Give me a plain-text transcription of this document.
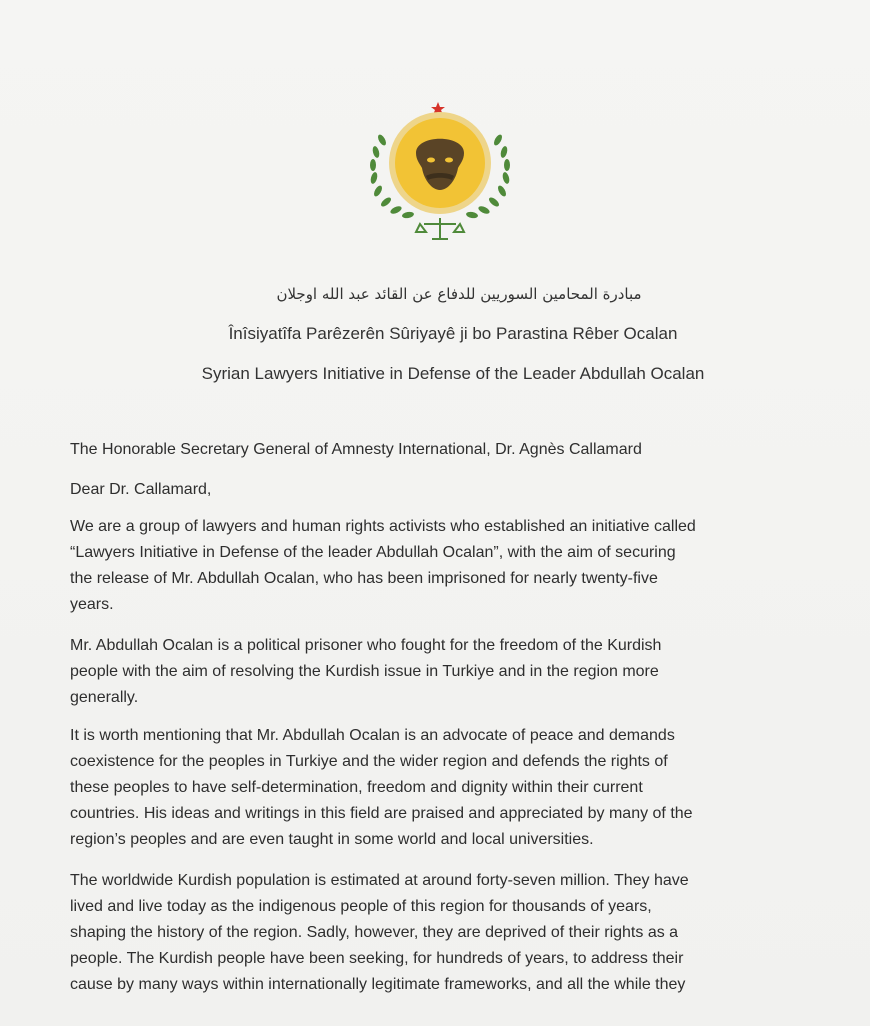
مبادرة المحامين السوريين للدفاع عن القائد عبد الله اوجلان
Înîsiyatîfa Parêzerên Sûriyayê ji bo Parastina Rêber Ocalan
Syrian Lawyers Initiative in Defense of the Leader Abdullah Ocalan
The Honorable Secretary General of Amnesty International, Dr. Agnès Callamard
Dear Dr. Callamard,

We are a group of lawyers and human rights activists who established an initiative called

“Lawyers Initiative in Defense of the leader Abdullah Ocalan”, with the aim of securing

the release of Mr. Abdullah Ocalan, who has been imprisoned for nearly twenty-five

years.

Mr. Abdullah Ocalan is a political prisoner who fought for the freedom of the Kurdish

people with the aim of resolving the Kurdish issue in Turkiye and in the region more

generally.

It is worth mentioning that Mr. Abdullah Ocalan is an advocate of peace and demands

coexistence for the peoples in Turkiye and the wider region and defends the rights of

these peoples to have self-determination, freedom and dignity within their current

countries. His ideas and writings in this field are praised and appreciated by many of the

region’s peoples and are even taught in some world and local universities.

The worldwide Kurdish population is estimated at around forty-seven million. They have

lived and live today as the indigenous people of this region for thousands of years,

shaping the history of the region. Sadly, however, they are deprived of their rights as a

people. The Kurdish people have been seeking, for hundreds of years, to address their

cause by many ways within internationally legitimate frameworks, and all the while they
